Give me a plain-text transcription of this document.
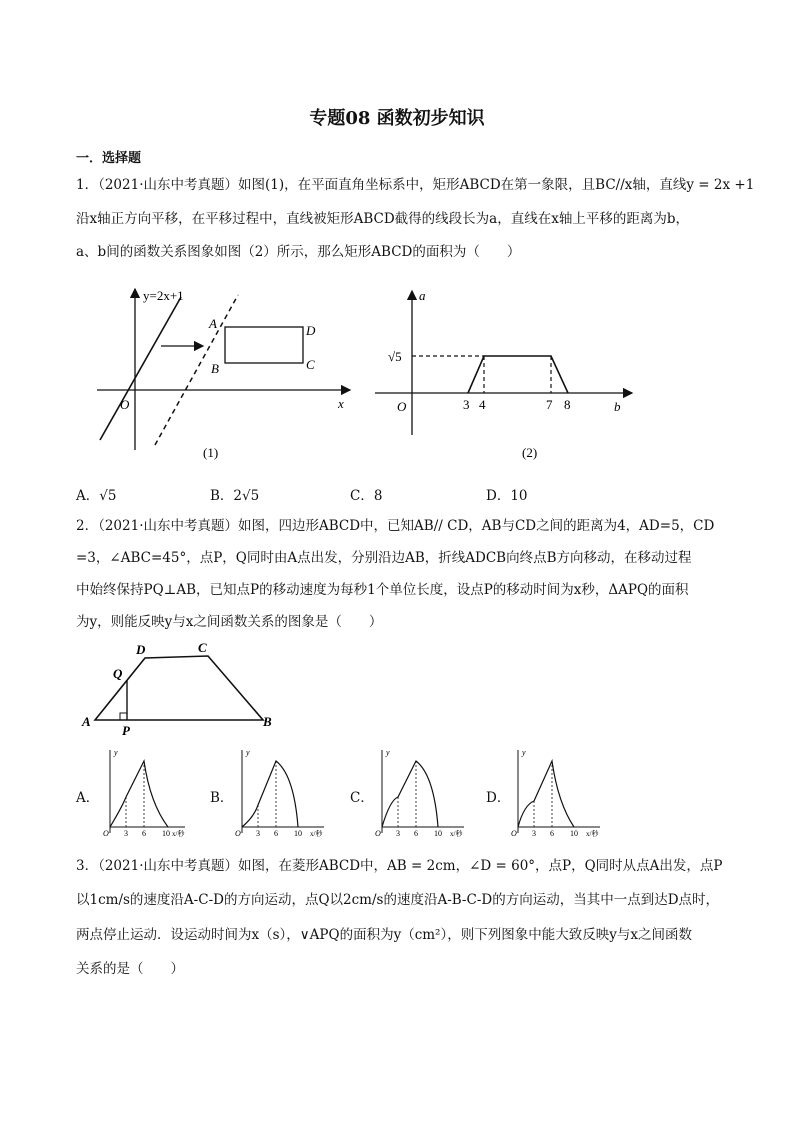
专题08 函数初步知识
一．选择题
1．（2021·山东中考真题）如图(1)，在平面直角坐标系中，矩形ABCD在第一象限，且BC//x轴，直线y = 2x +1
沿x轴正方向平移，在平移过程中，直线被矩形ABCD截得的线段长为a，直线在x轴上平移的距离为b，
a、b间的函数关系图象如图（2）所示，那么矩形ABCD的面积为（　　）
y=2x+1
A
B	C
D
O	x
(1)
a
b
O
√5
3 4	7 8
(2)
A．√5	B．2√5	C．8	D．10
2．（2021·山东中考真题）如图，四边形ABCD中，已知AB// CD，AB与CD之间的距离为4，AD=5，CD
=3，∠ABC=45°，点P，Q同时由A点出发，分别沿边AB，折线ADCB向终点B方向移动，在移动过程
中始终保持PQ⊥AB，已知点P的移动速度为每秒1个单位长度，设点P的移动时间为x秒，ΔAPQ的面积
为y，则能反映y与x之间函数关系的图象是（　　）
A	B
C
D
Q
P
A．	B．	C．	D．
y
O 3 6 10 x/秒
y
O 3 6 10 x/秒
y
O 3 6 10 x/秒
y
O 3 6 10 x/秒
3．（2021·山东中考真题）如图，在菱形ABCD中，AB = 2cm，∠D = 60°，点P，Q同时从点A出发，点P
以1cm/s的速度沿A-C-D的方向运动，点Q以2cm/s的速度沿A-B-C-D的方向运动，当其中一点到达D点时，
两点停止运动．设运动时间为x（s），∨APQ的面积为y（cm²），则下列图象中能大致反映y与x之间函数
关系的是（　　）
